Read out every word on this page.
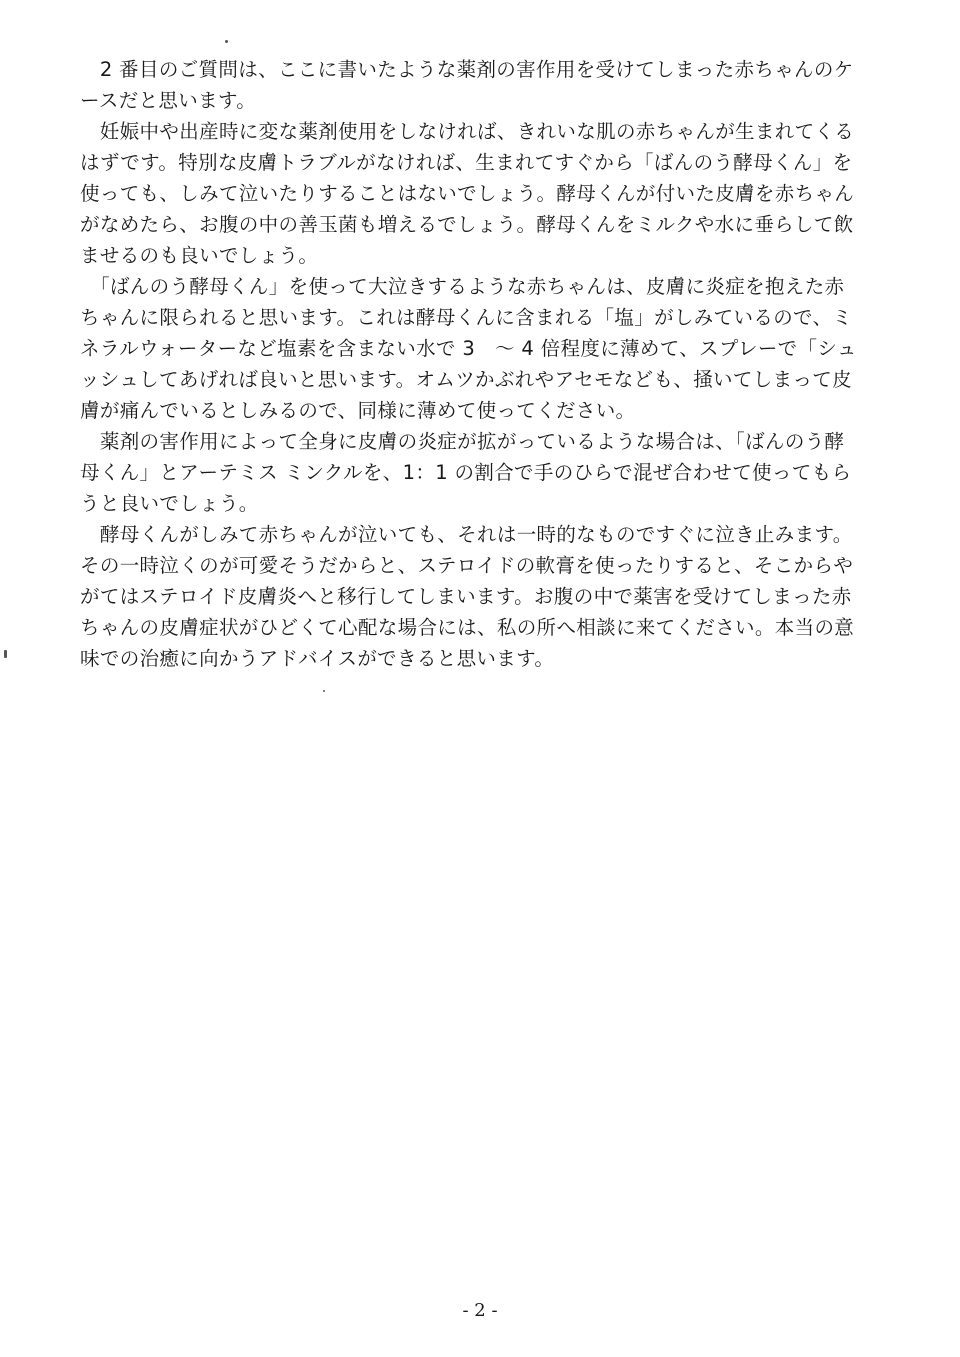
　2 番目のご質問は、ここに書いたような薬剤の害作用を受けてしまった赤ちゃんのケ
ースだと思います。
　妊娠中や出産時に変な薬剤使用をしなければ、きれいな肌の赤ちゃんが生まれてくる
はずです。特別な皮膚トラブルがなければ、生まれてすぐから「ばんのう酵母くん」を
使っても、しみて泣いたりすることはないでしょう。酵母くんが付いた皮膚を赤ちゃん
がなめたら、お腹の中の善玉菌も増えるでしょう。酵母くんをミルクや水に垂らして飲
ませるのも良いでしょう。
　「ばんのう酵母くん」を使って大泣きするような赤ちゃんは、皮膚に炎症を抱えた赤
ちゃんに限られると思います。これは酵母くんに含まれる「塩」がしみているので、ミ
ネラルウォーターなど塩素を含まない水で 3　～ 4 倍程度に薄めて、スプレーで「シュ
ッシュしてあげれば良いと思います。オムツかぶれやアセモなども、掻いてしまって皮
膚が痛んでいるとしみるので、同様に薄めて使ってください。
　薬剤の害作用によって全身に皮膚の炎症が拡がっているような場合は、「ばんのう酵
母くん」とアーテミス ミンクルを、1：1 の割合で手のひらで混ぜ合わせて使ってもら
うと良いでしょう。
　酵母くんがしみて赤ちゃんが泣いても、それは一時的なものですぐに泣き止みます。
その一時泣くのが可愛そうだからと、ステロイドの軟膏を使ったりすると、そこからや
がてはステロイド皮膚炎へと移行してしまいます。お腹の中で薬害を受けてしまった赤
ちゃんの皮膚症状がひどくて心配な場合には、私の所へ相談に来てください。本当の意
味での治癒に向かうアドバイスができると思います。
- 2 -
